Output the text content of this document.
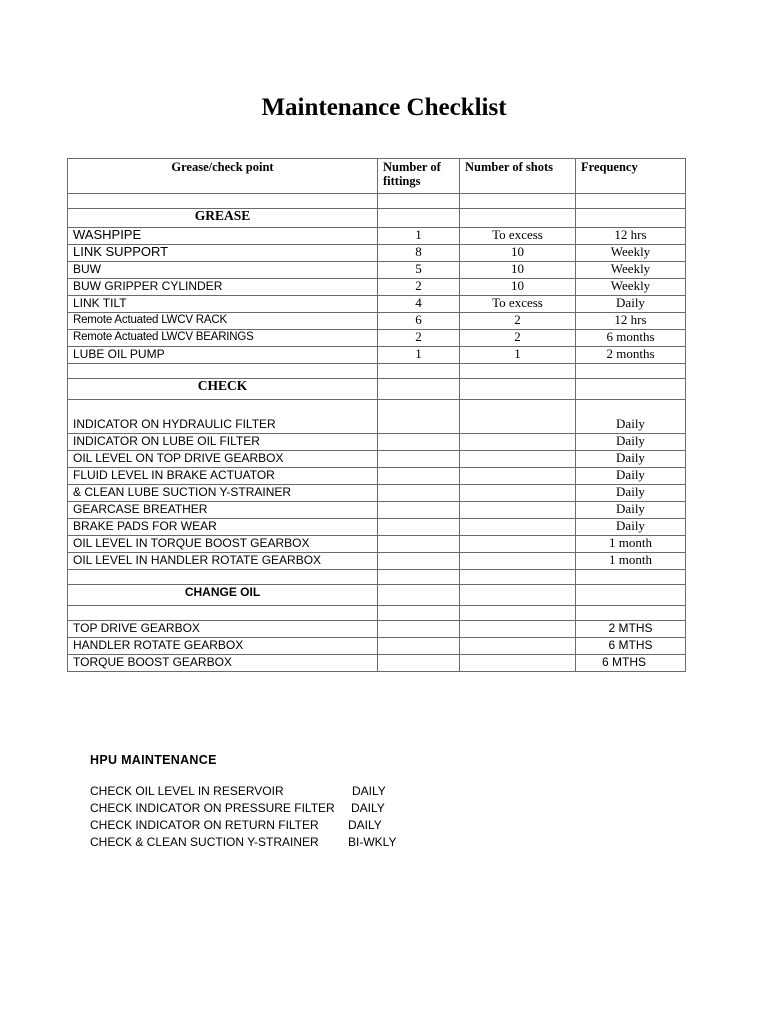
Maintenance Checklist
Grease/check point	Number of fittings	Number of shots	Frequency

GREASE			
WASHPIPE	1	To excess	12 hrs
LINK SUPPORT	8	10	Weekly
BUW	5	10	Weekly
BUW GRIPPER CYLINDER	2	10	Weekly
LINK TILT	4	To excess	Daily
Remote Actuated LWCV RACK	6	2	12 hrs
Remote Actuated LWCV BEARINGS	2	2	6 months
LUBE OIL PUMP	1	1	2 months

CHECK			
INDICATOR ON HYDRAULIC FILTER			Daily
INDICATOR ON LUBE OIL FILTER			Daily
OIL LEVEL ON TOP DRIVE GEARBOX			Daily
FLUID LEVEL IN BRAKE ACTUATOR			Daily
& CLEAN LUBE SUCTION Y-STRAINER			Daily
GEARCASE BREATHER			Daily
BRAKE PADS FOR WEAR			Daily
OIL LEVEL IN TORQUE BOOST GEARBOX			1 month
OIL LEVEL IN HANDLER ROTATE GEARBOX			1 month

CHANGE OIL			

TOP DRIVE GEARBOX			2 MTHS
HANDLER ROTATE GEARBOX			6 MTHS
TORQUE BOOST GEARBOX			6 MTHS
HPU MAINTENANCE
CHECK OIL LEVEL IN RESERVOIR	DAILY
CHECK INDICATOR ON PRESSURE FILTER DAILY
CHECK INDICATOR ON RETURN FILTER DAILY
CHECK & CLEAN SUCTION Y-STRAINER BI-WKLY
